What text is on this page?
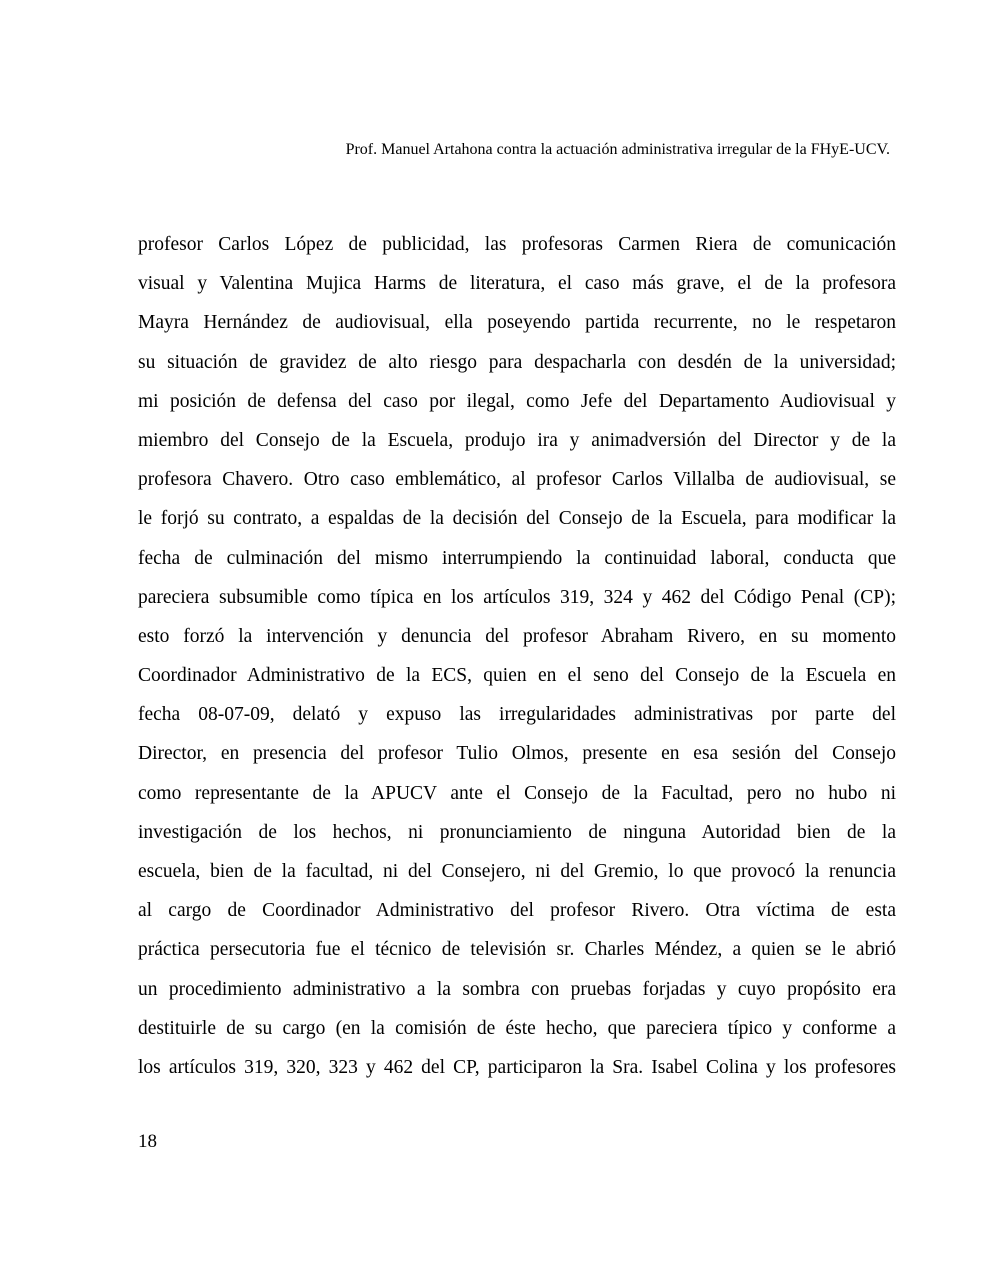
Prof. Manuel Artahona contra la actuación administrativa irregular de la FHyE-UCV.
profesor Carlos López de publicidad, las profesoras Carmen Riera de comunicación
visual y Valentina Mujica Harms de literatura, el caso más grave, el de la profesora
Mayra Hernández de audiovisual, ella poseyendo partida recurrente, no le respetaron
su situación de gravidez de alto riesgo para despacharla con desdén de la universidad;
mi posición de defensa del caso por ilegal, como Jefe del Departamento Audiovisual y
miembro del Consejo de la Escuela, produjo ira y animadversión del Director y de la
profesora Chavero. Otro caso emblemático, al profesor Carlos Villalba de audiovisual, se
le forjó su contrato, a espaldas de la decisión del Consejo de la Escuela, para modificar la
fecha de culminación del mismo interrumpiendo la continuidad laboral, conducta que
pareciera subsumible como típica en los artículos 319, 324 y 462 del Código Penal (CP);
esto forzó la intervención y denuncia del profesor Abraham Rivero, en su momento
Coordinador Administrativo de la ECS, quien en el seno del Consejo de la Escuela en
fecha 08-07-09, delató y expuso las irregularidades administrativas por parte del
Director, en presencia del profesor Tulio Olmos, presente en esa sesión del Consejo
como representante de la APUCV ante el Consejo de la Facultad, pero no hubo ni
investigación de los hechos, ni pronunciamiento de ninguna Autoridad bien de la
escuela, bien de la facultad, ni del Consejero, ni del Gremio, lo que provocó la renuncia
al cargo de Coordinador Administrativo del profesor Rivero. Otra víctima de esta
práctica persecutoria fue el técnico de televisión sr. Charles Méndez, a quien se le abrió
un procedimiento administrativo a la sombra con pruebas forjadas y cuyo propósito era
destituirle de su cargo (en la comisión de éste hecho, que pareciera típico y conforme a
los artículos 319, 320, 323 y 462 del CP, participaron la Sra. Isabel Colina y los profesores
18
